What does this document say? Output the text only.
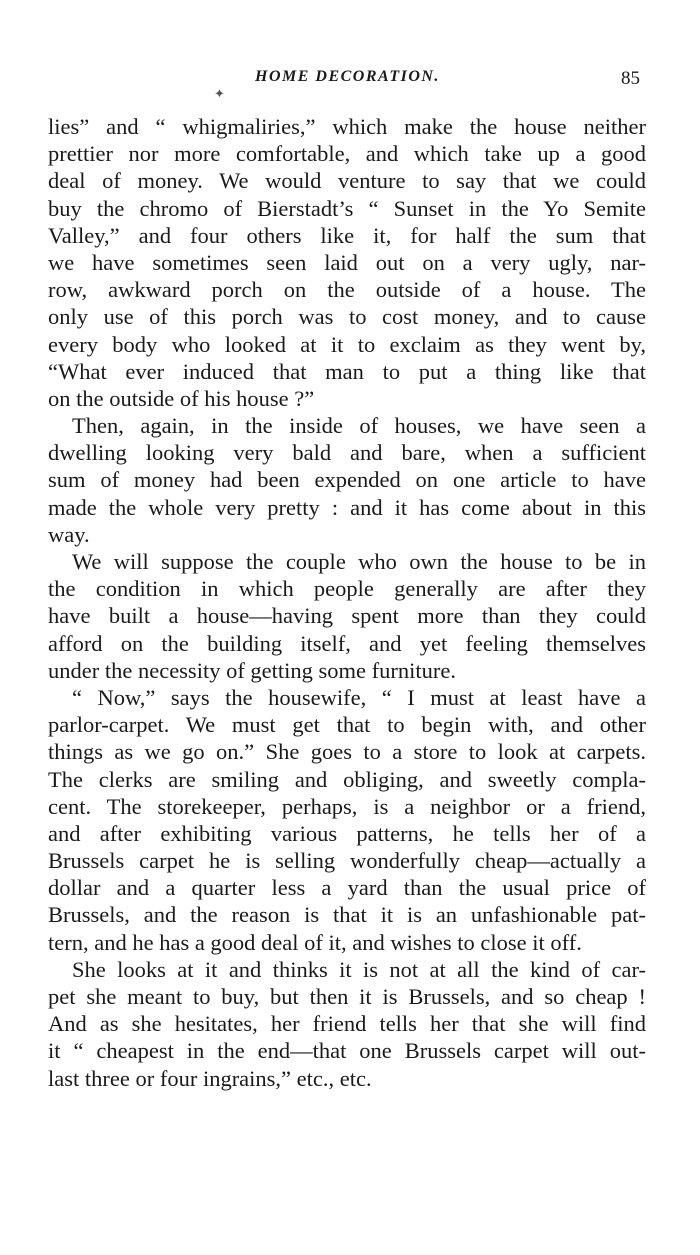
HOME DECORATION.	85
✦
lies” and “ whigmaliries,” which make the house neither
prettier nor more comfortable, and which take up a good
deal of money. We would venture to say that we could
buy the chromo of Bierstadt’s “ Sunset in the Yo Semite
Valley,” and four others like it, for half the sum that
we have sometimes seen laid out on a very ugly, nar-
row, awkward porch on the outside of a house. The
only use of this porch was to cost money, and to cause
every body who looked at it to exclaim as they went by,
“What ever induced that man to put a thing like that
on the outside of his house ?”
Then, again, in the inside of houses, we have seen a
dwelling looking very bald and bare, when a sufficient
sum of money had been expended on one article to have
made the whole very pretty : and it has come about in this
way.
We will suppose the couple who own the house to be in
the condition in which people generally are after they
have built a house—having spent more than they could
afford on the building itself, and yet feeling themselves
under the necessity of getting some furniture.
“ Now,” says the housewife, “ I must at least have a
parlor-carpet. We must get that to begin with, and other
things as we go on.” She goes to a store to look at carpets.
The clerks are smiling and obliging, and sweetly compla-
cent. The storekeeper, perhaps, is a neighbor or a friend,
and after exhibiting various patterns, he tells her of a
Brussels carpet he is selling wonderfully cheap—actually a
dollar and a quarter less a yard than the usual price of
Brussels, and the reason is that it is an unfashionable pat-
tern, and he has a good deal of it, and wishes to close it off.
She looks at it and thinks it is not at all the kind of car-
pet she meant to buy, but then it is Brussels, and so cheap !
And as she hesitates, her friend tells her that she will find
it “ cheapest in the end—that one Brussels carpet will out-
last three or four ingrains,” etc., etc.
